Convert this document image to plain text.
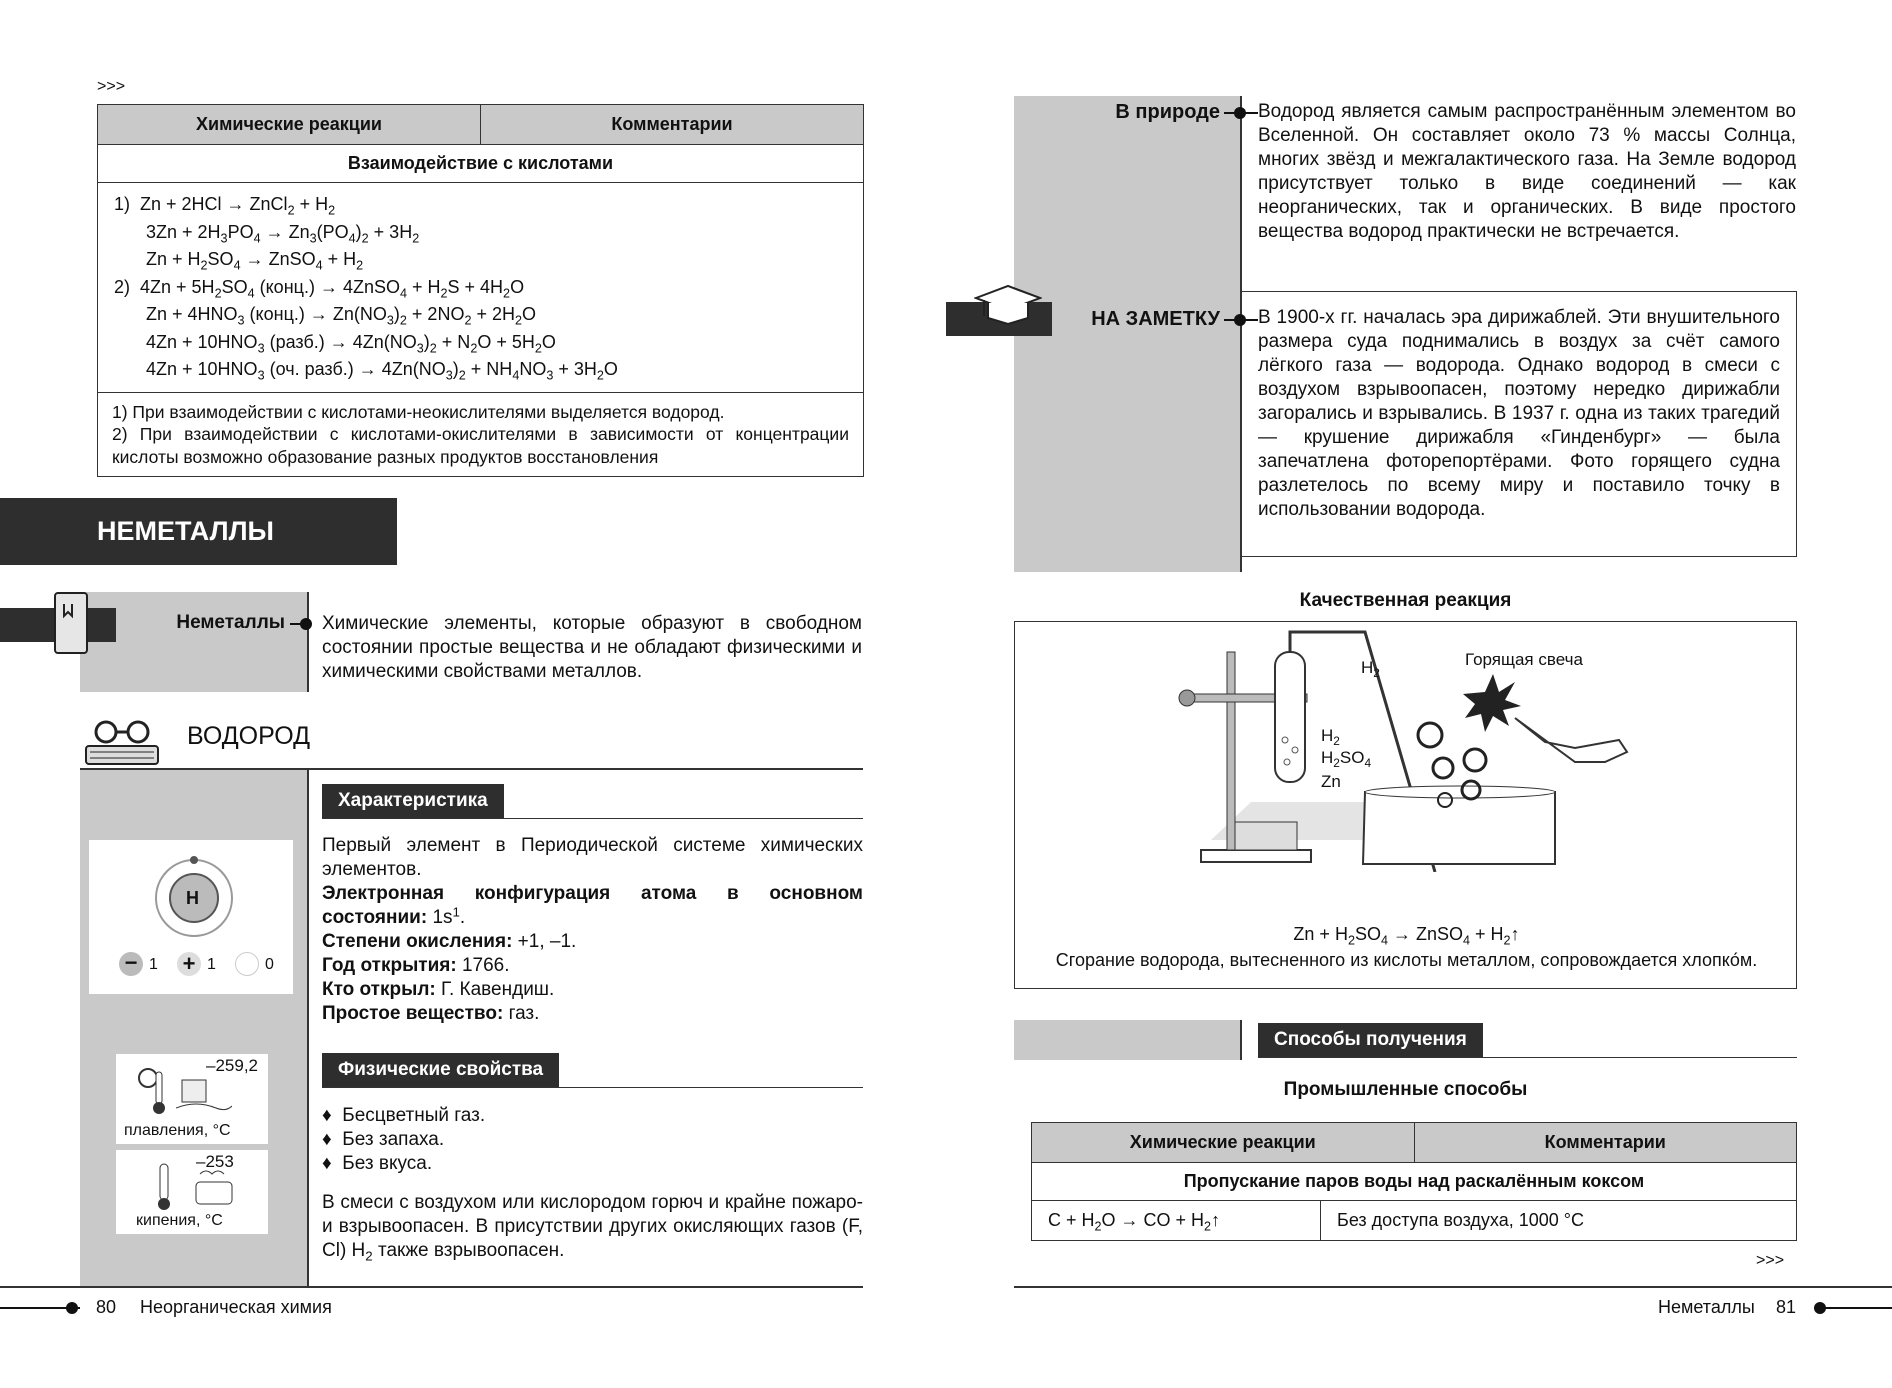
>>>
Химические реакции	Комментарии
Взаимодействие с кислотами
1)  Zn + 2HCl → ZnCl$_2$ + $H_2$
$3Zn + 2H_3PO_4 \to Zn_3(PO_4)_2 + 3H_2$
$Zn + H_2SO_4$ → ZnSO$_4$ + $H_2$
2)  $4Zn + 5H_2SO_4$ (конц.) → 4ZnSO$_4$ + $H_2S + 4H_2O$
$Zn + 4HNO_3$ (конц.) → $Zn(NO_3)_2 + 2NO_2 + 2H_2O$
$4Zn + 10HNO_3$ (разб.) → $4Zn(NO_3)_2 + N_2O + 5H_2O$
$4Zn + 10HNO_3$ (оч. разб.) → $4Zn(NO_3)_2 + NH_4NO_3 + 3H_2O$
1) При взаимодействии с кислотами-неокислителями выделяется водород.
2) При взаимодействии с кислотами-окислителями в зависимости от концентрации кислоты возможно образование разных продуктов восстановления
НЕМЕТАЛЛЫ
Неметаллы Химические элементы, которые образуют в свободном состоянии простые вещества и не обладают физическими и химическими свойствами металлов.
ВОДОРОД
H
− 1 + 1	0
–259,2
плавления, °С
–253
кипения, °С
Характеристика
Первый элемент в Периодической системе химических элементов.
Электронная конфигурация атома в основном состоянии: $1s^1$.
Степени окисления: +1, –1.
Год открытия: 1766.
Кто открыл: Г. Кавендиш.
Простое вещество: газ.
Физические свойства
♦  Бесцветный газ.
♦  Без запаха.
♦  Без вкуса.
В смеси с воздухом или кислородом горюч и крайне пожаро- и взрывоопасен. В присутствии других окисляющих газов (F, Cl) $H_2$ также взрывоопасен.
80 Неорганическая химия
В природе Водород является самым распространённым элементом во Вселенной. Он составляет около 73 % массы Солнца, многих звёзд и межгалактического газа. На Земле водород присутствует только в виде соединений — как неорганических, так и органических. В виде простого вещества водород практически не встречается.
НА ЗАМЕТКУ В 1900-х гг. началась эра дирижаблей. Эти внушительного размера суда поднимались в воздух за счёт самого лёгкого газа — водорода. Однако водород в смеси с воздухом взрывоопасен, поэтому нередко дирижабли загорались и взрывались. В 1937 г. одна из таких трагедий — крушение дирижабля «Гинденбург» — была запечатлена фоторепортёрами. Фото горящего судна разлетелось по всему миру и поставило точку в использовании водорода.
Качественная реакция
Горящая свеча
$H_2$
$H_2$
$H_2SO_4$
Zn
$Zn + H_2SO_4$ → ZnSO$_4$ + $H_2↑$
Сгорание водорода, вытесненного из кислоты металлом, сопровождается хлопко́м.
Способы получения
Промышленные способы
Химические реакции	Комментарии
Пропускание паров воды над раскалённым коксом
$C + H_2O$ → CO + $H_2↑$	Без доступа воздуха, 1000 °С
>>>
Неметаллы 81
